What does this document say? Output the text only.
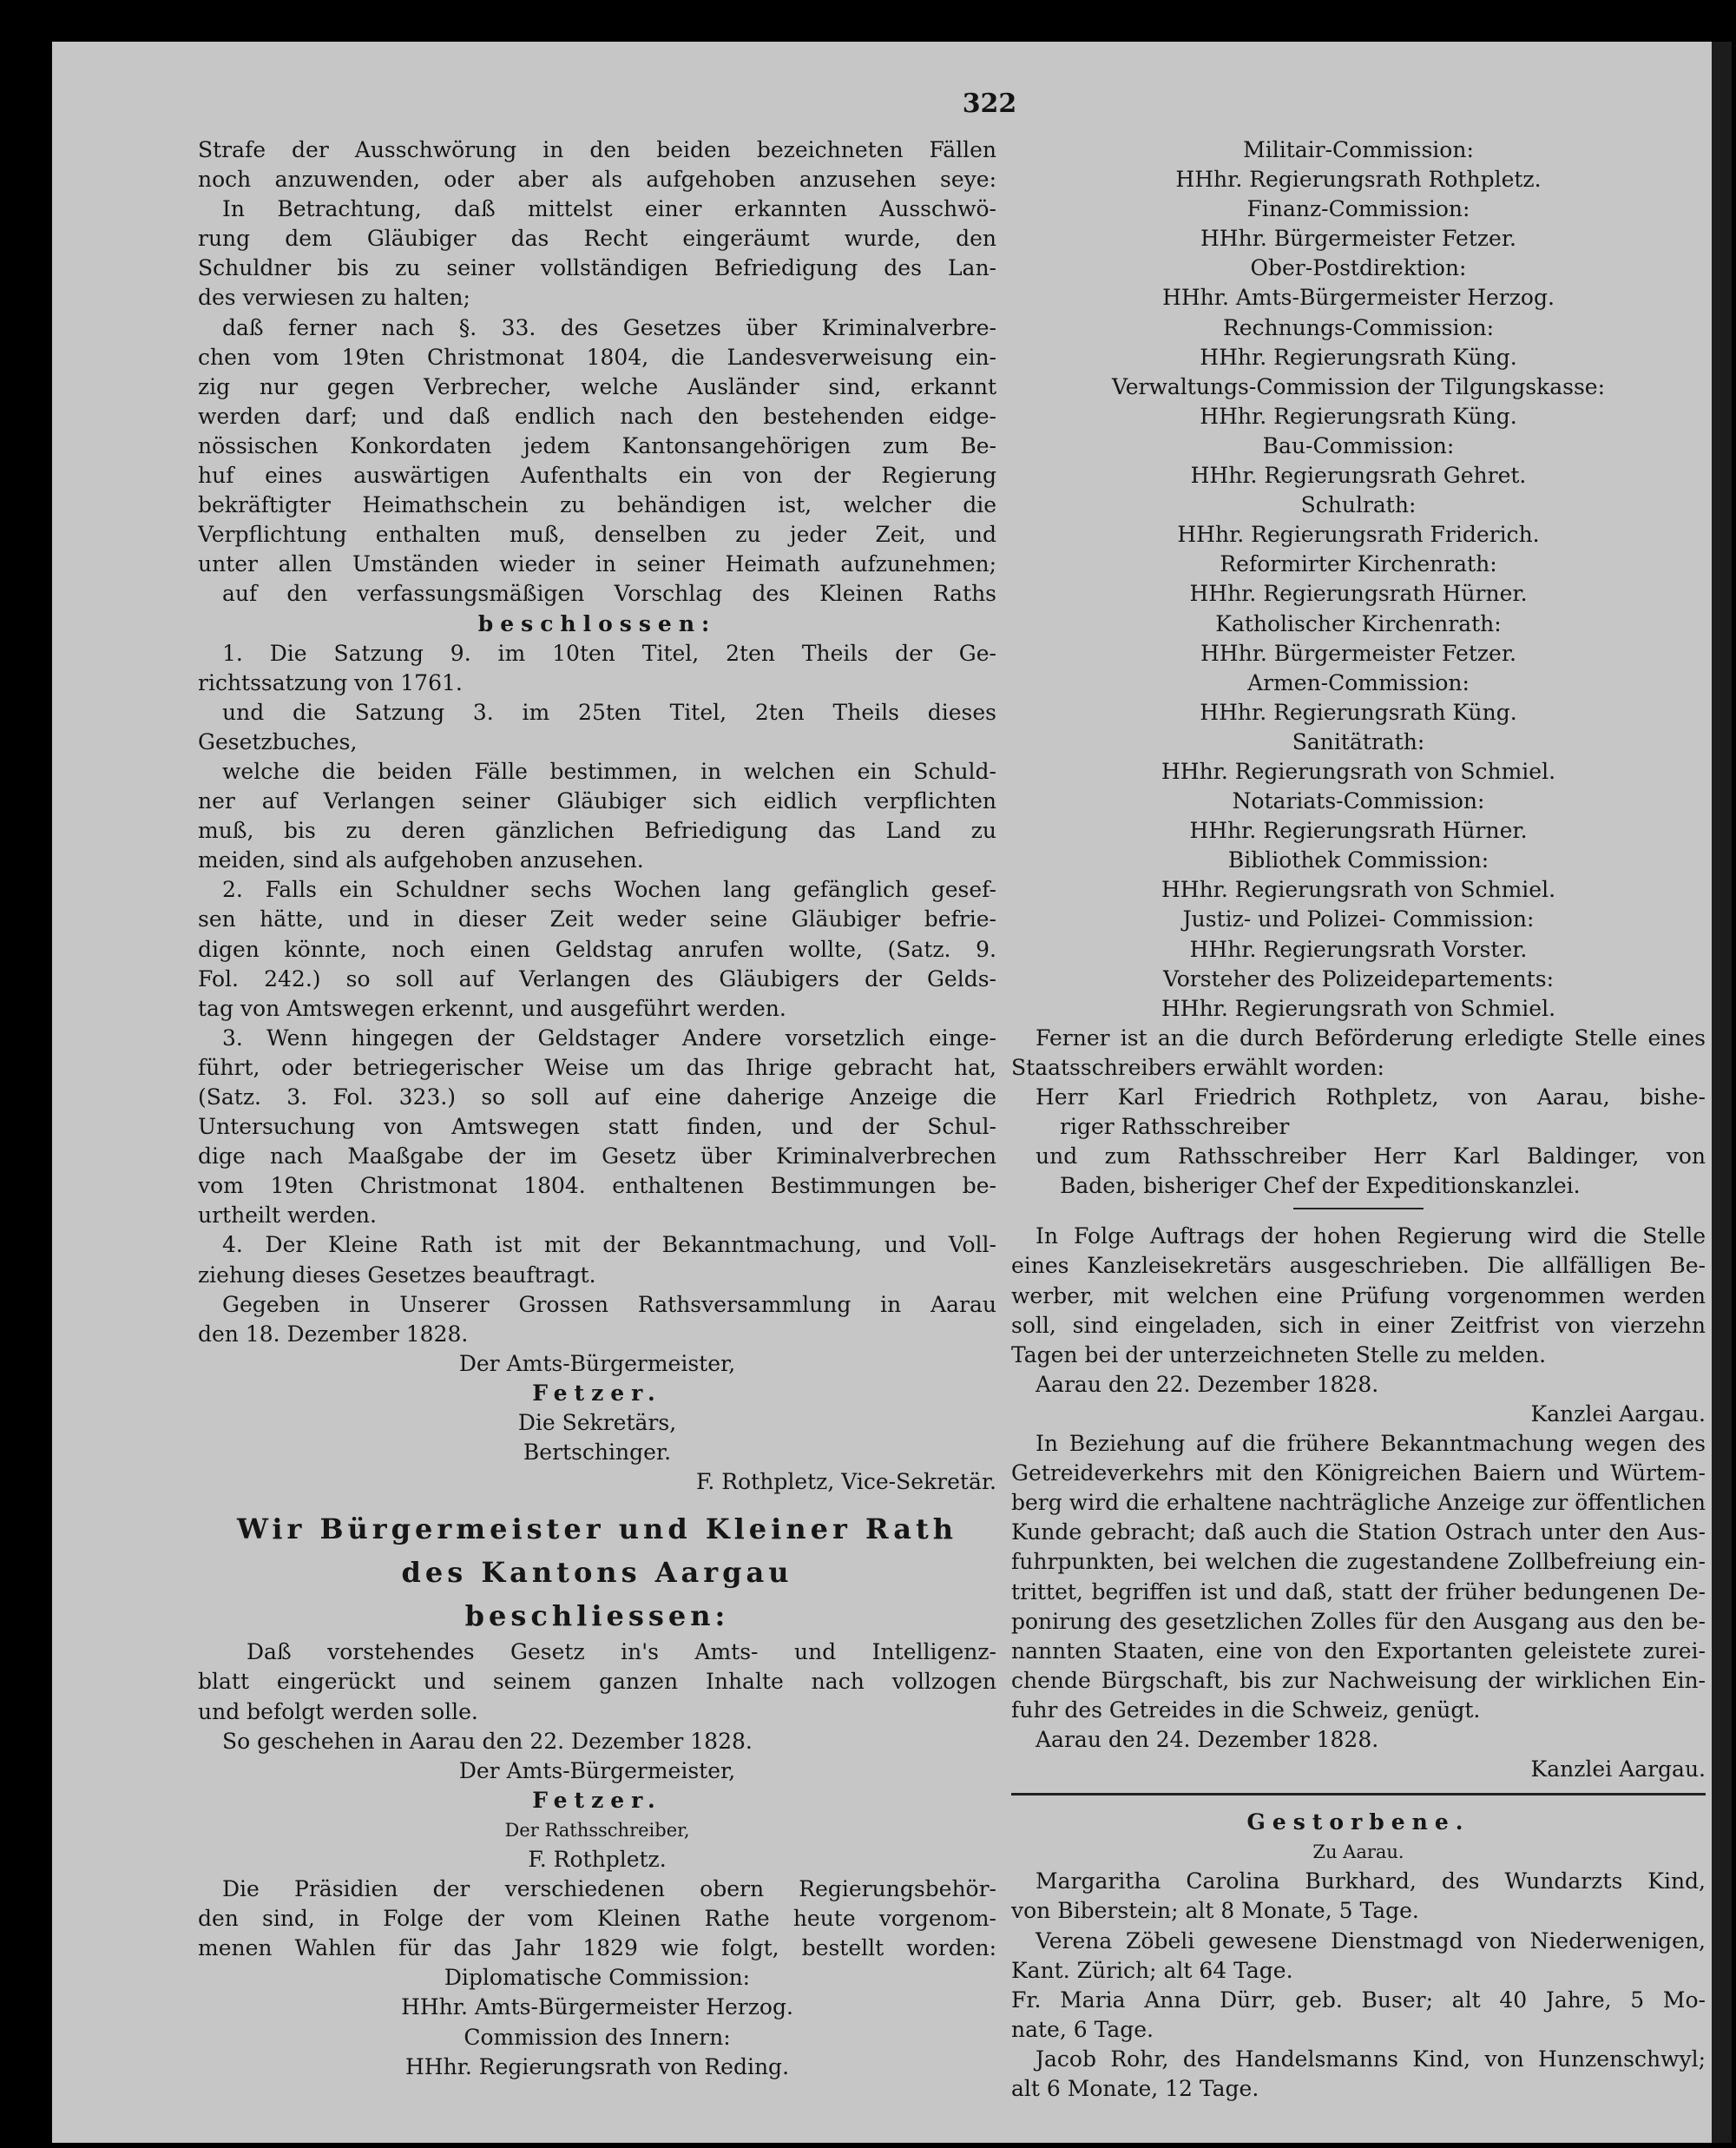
322
Strafe der Ausschwörung in den beiden bezeichneten Fällen
noch anzuwenden, oder aber als aufgehoben anzusehen seye:
In Betrachtung, daß mittelst einer erkannten Ausschwö-
rung dem Gläubiger das Recht eingeräumt wurde, den
Schuldner bis zu seiner vollständigen Befriedigung des Lan-
des verwiesen zu halten;
daß ferner nach §. 33. des Gesetzes über Kriminalverbre-
chen vom 19ten Christmonat 1804, die Landesverweisung ein-
zig nur gegen Verbrecher, welche Ausländer sind, erkannt
werden darf; und daß endlich nach den bestehenden eidge-
nössischen Konkordaten jedem Kantonsangehörigen zum Be-
huf eines auswärtigen Aufenthalts ein von der Regierung
bekräftigter Heimathschein zu behändigen ist, welcher die
Verpflichtung enthalten muß, denselben zu jeder Zeit, und
unter allen Umständen wieder in seiner Heimath aufzunehmen;
auf den verfassungsmäßigen Vorschlag des Kleinen Raths
beschlossen:
1. Die Satzung 9. im 10ten Titel, 2ten Theils der Ge-
richtssatzung von 1761.
und die Satzung 3. im 25ten Titel, 2ten Theils dieses
Gesetzbuches,
welche die beiden Fälle bestimmen, in welchen ein Schuld-
ner auf Verlangen seiner Gläubiger sich eidlich verpflichten
muß, bis zu deren gänzlichen Befriedigung das Land zu
meiden, sind als aufgehoben anzusehen.
2. Falls ein Schuldner sechs Wochen lang gefänglich gesef-
sen hätte, und in dieser Zeit weder seine Gläubiger befrie-
digen könnte, noch einen Geldstag anrufen wollte, (Satz. 9.
Fol. 242.) so soll auf Verlangen des Gläubigers der Gelds-
tag von Amtswegen erkennt, und ausgeführt werden.
3. Wenn hingegen der Geldstager Andere vorsetzlich einge-
führt, oder betriegerischer Weise um das Ihrige gebracht hat,
(Satz. 3. Fol. 323.) so soll auf eine daherige Anzeige die
Untersuchung von Amtswegen statt finden, und der Schul-
dige nach Maaßgabe der im Gesetz über Kriminalverbrechen
vom 19ten Christmonat 1804. enthaltenen Bestimmungen be-
urtheilt werden.
4. Der Kleine Rath ist mit der Bekanntmachung, und Voll-
ziehung dieses Gesetzes beauftragt.
Gegeben in Unserer Grossen Rathsversammlung in Aarau
den 18. Dezember 1828.
Der Amts-Bürgermeister,
Fetzer.
Die Sekretärs,
Bertschinger.
F. Rothpletz, Vice-Sekretär.
Wir Bürgermeister und Kleiner Rath
des Kantons Aargau
beschliessen:
Daß vorstehendes Gesetz in's Amts- und Intelligenz-
blatt eingerückt und seinem ganzen Inhalte nach vollzogen
und befolgt werden solle.
So geschehen in Aarau den 22. Dezember 1828.
Der Amts-Bürgermeister,
Fetzer.
Der Rathsschreiber,
F. Rothpletz.
Die Präsidien der verschiedenen obern Regierungsbehör-
den sind, in Folge der vom Kleinen Rathe heute vorgenom-
menen Wahlen für das Jahr 1829 wie folgt, bestellt worden:
Diplomatische Commission:
HHhr. Amts-Bürgermeister Herzog.
Commission des Innern:
HHhr. Regierungsrath von Reding.
Militair-Commission:
HHhr. Regierungsrath Rothpletz.
Finanz-Commission:
HHhr. Bürgermeister Fetzer.
Ober-Postdirektion:
HHhr. Amts-Bürgermeister Herzog.
Rechnungs-Commission:
HHhr. Regierungsrath Küng.
Verwaltungs-Commission der Tilgungskasse:
HHhr. Regierungsrath Küng.
Bau-Commission:
HHhr. Regierungsrath Gehret.
Schulrath:
HHhr. Regierungsrath Friderich.
Reformirter Kirchenrath:
HHhr. Regierungsrath Hürner.
Katholischer Kirchenrath:
HHhr. Bürgermeister Fetzer.
Armen-Commission:
HHhr. Regierungsrath Küng.
Sanitätrath:
HHhr. Regierungsrath von Schmiel.
Notariats-Commission:
HHhr. Regierungsrath Hürner.
Bibliothek Commission:
HHhr. Regierungsrath von Schmiel.
Justiz- und Polizei- Commission:
HHhr. Regierungsrath Vorster.
Vorsteher des Polizeidepartements:
HHhr. Regierungsrath von Schmiel.
Ferner ist an die durch Beförderung erledigte Stelle eines
Staatsschreibers erwählt worden:
Herr Karl Friedrich Rothpletz, von Aarau, bishe-
riger Rathsschreiber
und zum Rathsschreiber Herr Karl Baldinger, von
Baden, bisheriger Chef der Expeditionskanzlei.
In Folge Auftrags der hohen Regierung wird die Stelle
eines Kanzleisekretärs ausgeschrieben. Die allfälligen Be-
werber, mit welchen eine Prüfung vorgenommen werden
soll, sind eingeladen, sich in einer Zeitfrist von vierzehn
Tagen bei der unterzeichneten Stelle zu melden.
Aarau den 22. Dezember 1828.
Kanzlei Aargau.
In Beziehung auf die frühere Bekanntmachung wegen des
Getreideverkehrs mit den Königreichen Baiern und Würtem-
berg wird die erhaltene nachträgliche Anzeige zur öffentlichen
Kunde gebracht; daß auch die Station Ostrach unter den Aus-
fuhrpunkten, bei welchen die zugestandene Zollbefreiung ein-
trittet, begriffen ist und daß, statt der früher bedungenen De-
ponirung des gesetzlichen Zolles für den Ausgang aus den be-
nannten Staaten, eine von den Exportanten geleistete zurei-
chende Bürgschaft, bis zur Nachweisung der wirklichen Ein-
fuhr des Getreides in die Schweiz, genügt.
Aarau den 24. Dezember 1828.
Kanzlei Aargau.
Gestorbene.
Zu Aarau.
Margaritha Carolina Burkhard, des Wundarzts Kind,
von Biberstein; alt 8 Monate, 5 Tage.
Verena Zöbeli gewesene Dienstmagd von Niederwenigen,
Kant. Zürich; alt 64 Tage.
Fr. Maria Anna Dürr, geb. Buser; alt 40 Jahre, 5 Mo-
nate, 6 Tage.
Jacob Rohr, des Handelsmanns Kind, von Hunzenschwyl;
alt 6 Monate, 12 Tage.
